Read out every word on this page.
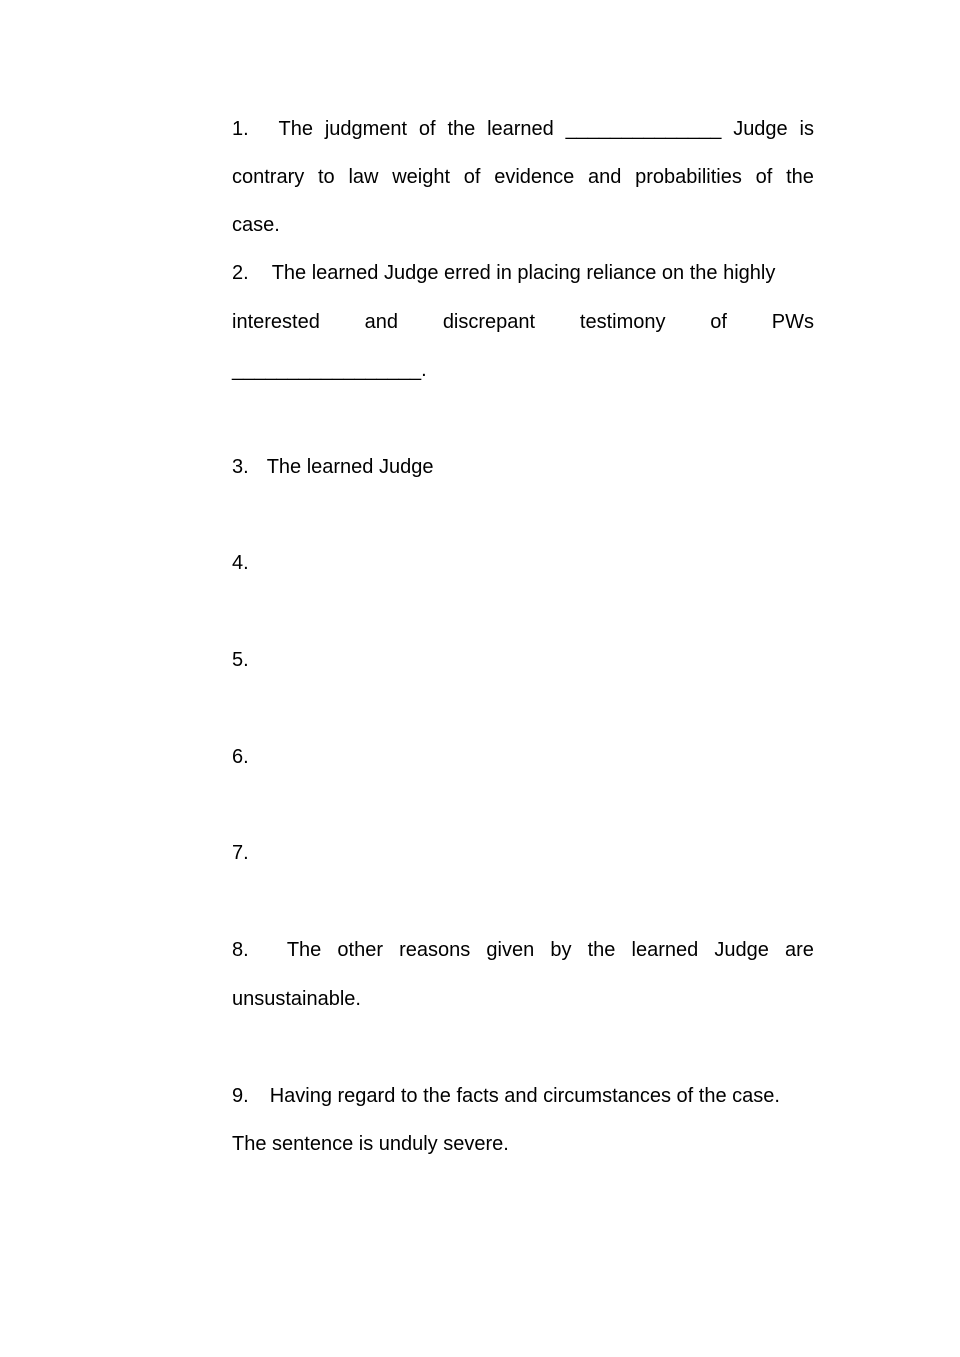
1. The judgment of the learned ______________ Judge is
contrary to law weight of evidence and probabilities of the
case.
2. The learned Judge erred in placing reliance on the highly
interested and discrepant testimony of PWs
_________________.
3. The learned Judge
4.
5.
6.
7.
8. The other reasons given by the learned Judge are
unsustainable.
9. Having regard to the facts and circumstances of the case.
The sentence is unduly severe.
